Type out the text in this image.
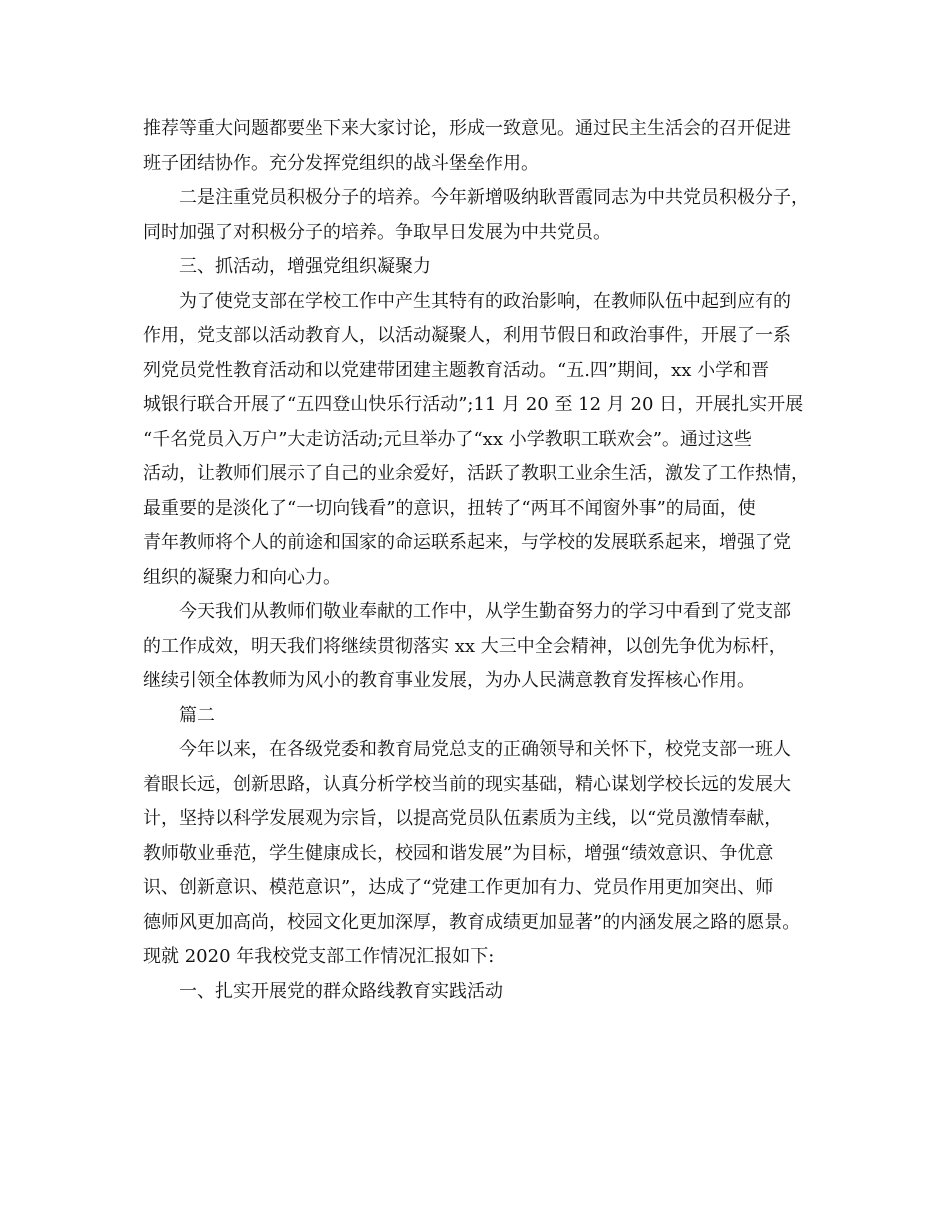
推荐等重大问题都要坐下来大家讨论，形成一致意见。通过民主生活会的召开促进
班子团结协作。充分发挥党组织的战斗堡垒作用。
二是注重党员积极分子的培养。今年新增吸纳耿晋霞同志为中共党员积极分子，
同时加强了对积极分子的培养。争取早日发展为中共党员。
三、抓活动，增强党组织凝聚力
为了使党支部在学校工作中产生其特有的政治影响，在教师队伍中起到应有的
作用，党支部以活动教育人，以活动凝聚人，利用节假日和政治事件，开展了一系
列党员党性教育活动和以党建带团建主题教育活动。“五.四”期间，xx 小学和晋
城银行联合开展了“五四登山快乐行活动”;11 月 20 至 12 月 20 日，开展扎实开展
“千名党员入万户”大走访活动;元旦举办了“xx 小学教职工联欢会”。通过这些
活动，让教师们展示了自己的业余爱好，活跃了教职工业余生活，激发了工作热情，
最重要的是淡化了“一切向钱看”的意识，扭转了“两耳不闻窗外事”的局面，使
青年教师将个人的前途和国家的命运联系起来，与学校的发展联系起来，增强了党
组织的凝聚力和向心力。
今天我们从教师们敬业奉献的工作中，从学生勤奋努力的学习中看到了党支部
的工作成效，明天我们将继续贯彻落实 xx 大三中全会精神，以创先争优为标杆，
继续引领全体教师为风小的教育事业发展，为办人民满意教育发挥核心作用。
篇二
今年以来，在各级党委和教育局党总支的正确领导和关怀下，校党支部一班人
着眼长远，创新思路，认真分析学校当前的现实基础，精心谋划学校长远的发展大
计，坚持以科学发展观为宗旨，以提高党员队伍素质为主线，以“党员激情奉献，
教师敬业垂范，学生健康成长，校园和谐发展”为目标，增强“绩效意识、争优意
识、创新意识、模范意识”，达成了“党建工作更加有力、党员作用更加突出、师
德师风更加高尚，校园文化更加深厚，教育成绩更加显著”的内涵发展之路的愿景。
现就 2020 年我校党支部工作情况汇报如下:
一、扎实开展党的群众路线教育实践活动
